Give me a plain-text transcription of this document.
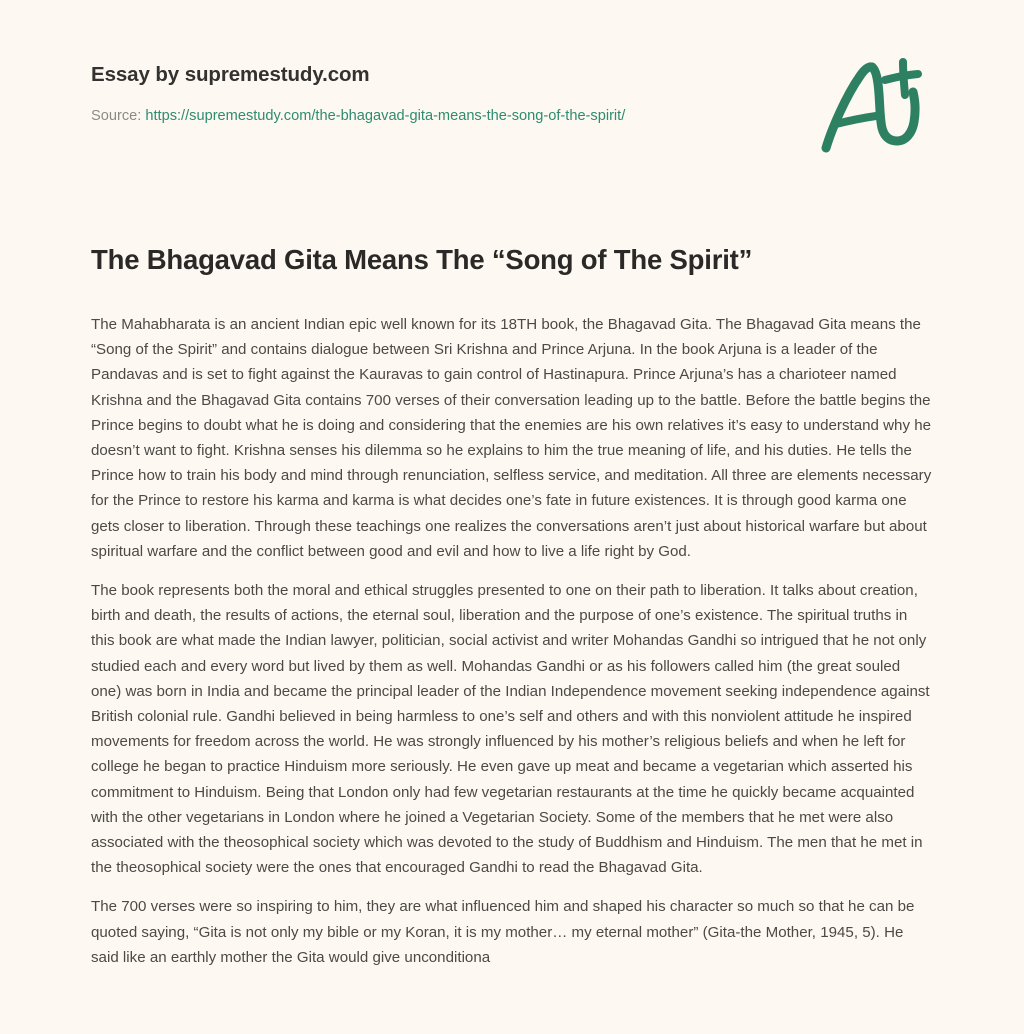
Essay by supremestudy.com

Source: https://supremestudy.com/the-bhagavad-gita-means-the-song-of-the-spirit/

The Bhagavad Gita Means The “Song of The Spirit”

The Mahabharata is an ancient Indian epic well known for its 18TH book, the Bhagavad Gita. The Bhagavad Gita means the “Song of the Spirit” and contains dialogue between Sri Krishna and Prince Arjuna. In the book Arjuna is a leader of the Pandavas and is set to fight against the Kauravas to gain control of Hastinapura. Prince Arjuna’s has a charioteer named Krishna and the Bhagavad Gita contains 700 verses of their conversation leading up to the battle. Before the battle begins the Prince begins to doubt what he is doing and considering that the enemies are his own relatives it’s easy to understand why he doesn’t want to fight. Krishna senses his dilemma so he explains to him the true meaning of life, and his duties. He tells the Prince how to train his body and mind through renunciation, selfless service, and meditation. All three are elements necessary for the Prince to restore his karma and karma is what decides one’s fate in future existences. It is through good karma one gets closer to liberation. Through these teachings one realizes the conversations aren’t just about historical warfare but about spiritual warfare and the conflict between good and evil and how to live a life right by God.

The book represents both the moral and ethical struggles presented to one on their path to liberation. It talks about creation, birth and death, the results of actions, the eternal soul, liberation and the purpose of one’s existence. The spiritual truths in this book are what made the Indian lawyer, politician, social activist and writer Mohandas Gandhi so intrigued that he not only studied each and every word but lived by them as well. Mohandas Gandhi or as his followers called him (the great souled one) was born in India and became the principal leader of the Indian Independence movement seeking independence against British colonial rule. Gandhi believed in being harmless to one’s self and others and with this nonviolent attitude he inspired movements for freedom across the world. He was strongly influenced by his mother’s religious beliefs and when he left for college he began to practice Hinduism more seriously. He even gave up meat and became a vegetarian which asserted his commitment to Hinduism. Being that London only had few vegetarian restaurants at the time he quickly became acquainted with the other vegetarians in London where he joined a Vegetarian Society. Some of the members that he met were also associated with the theosophical society which was devoted to the study of Buddhism and Hinduism. The men that he met in the theosophical society were the ones that encouraged Gandhi to read the Bhagavad Gita.

The 700 verses were so inspiring to him, they are what influenced him and shaped his character so much so that he can be quoted saying, “Gita is not only my bible or my Koran, it is my mother… my eternal mother” (Gita-the Mother, 1945, 5). He said like an earthly mother the Gita would give unconditiona
